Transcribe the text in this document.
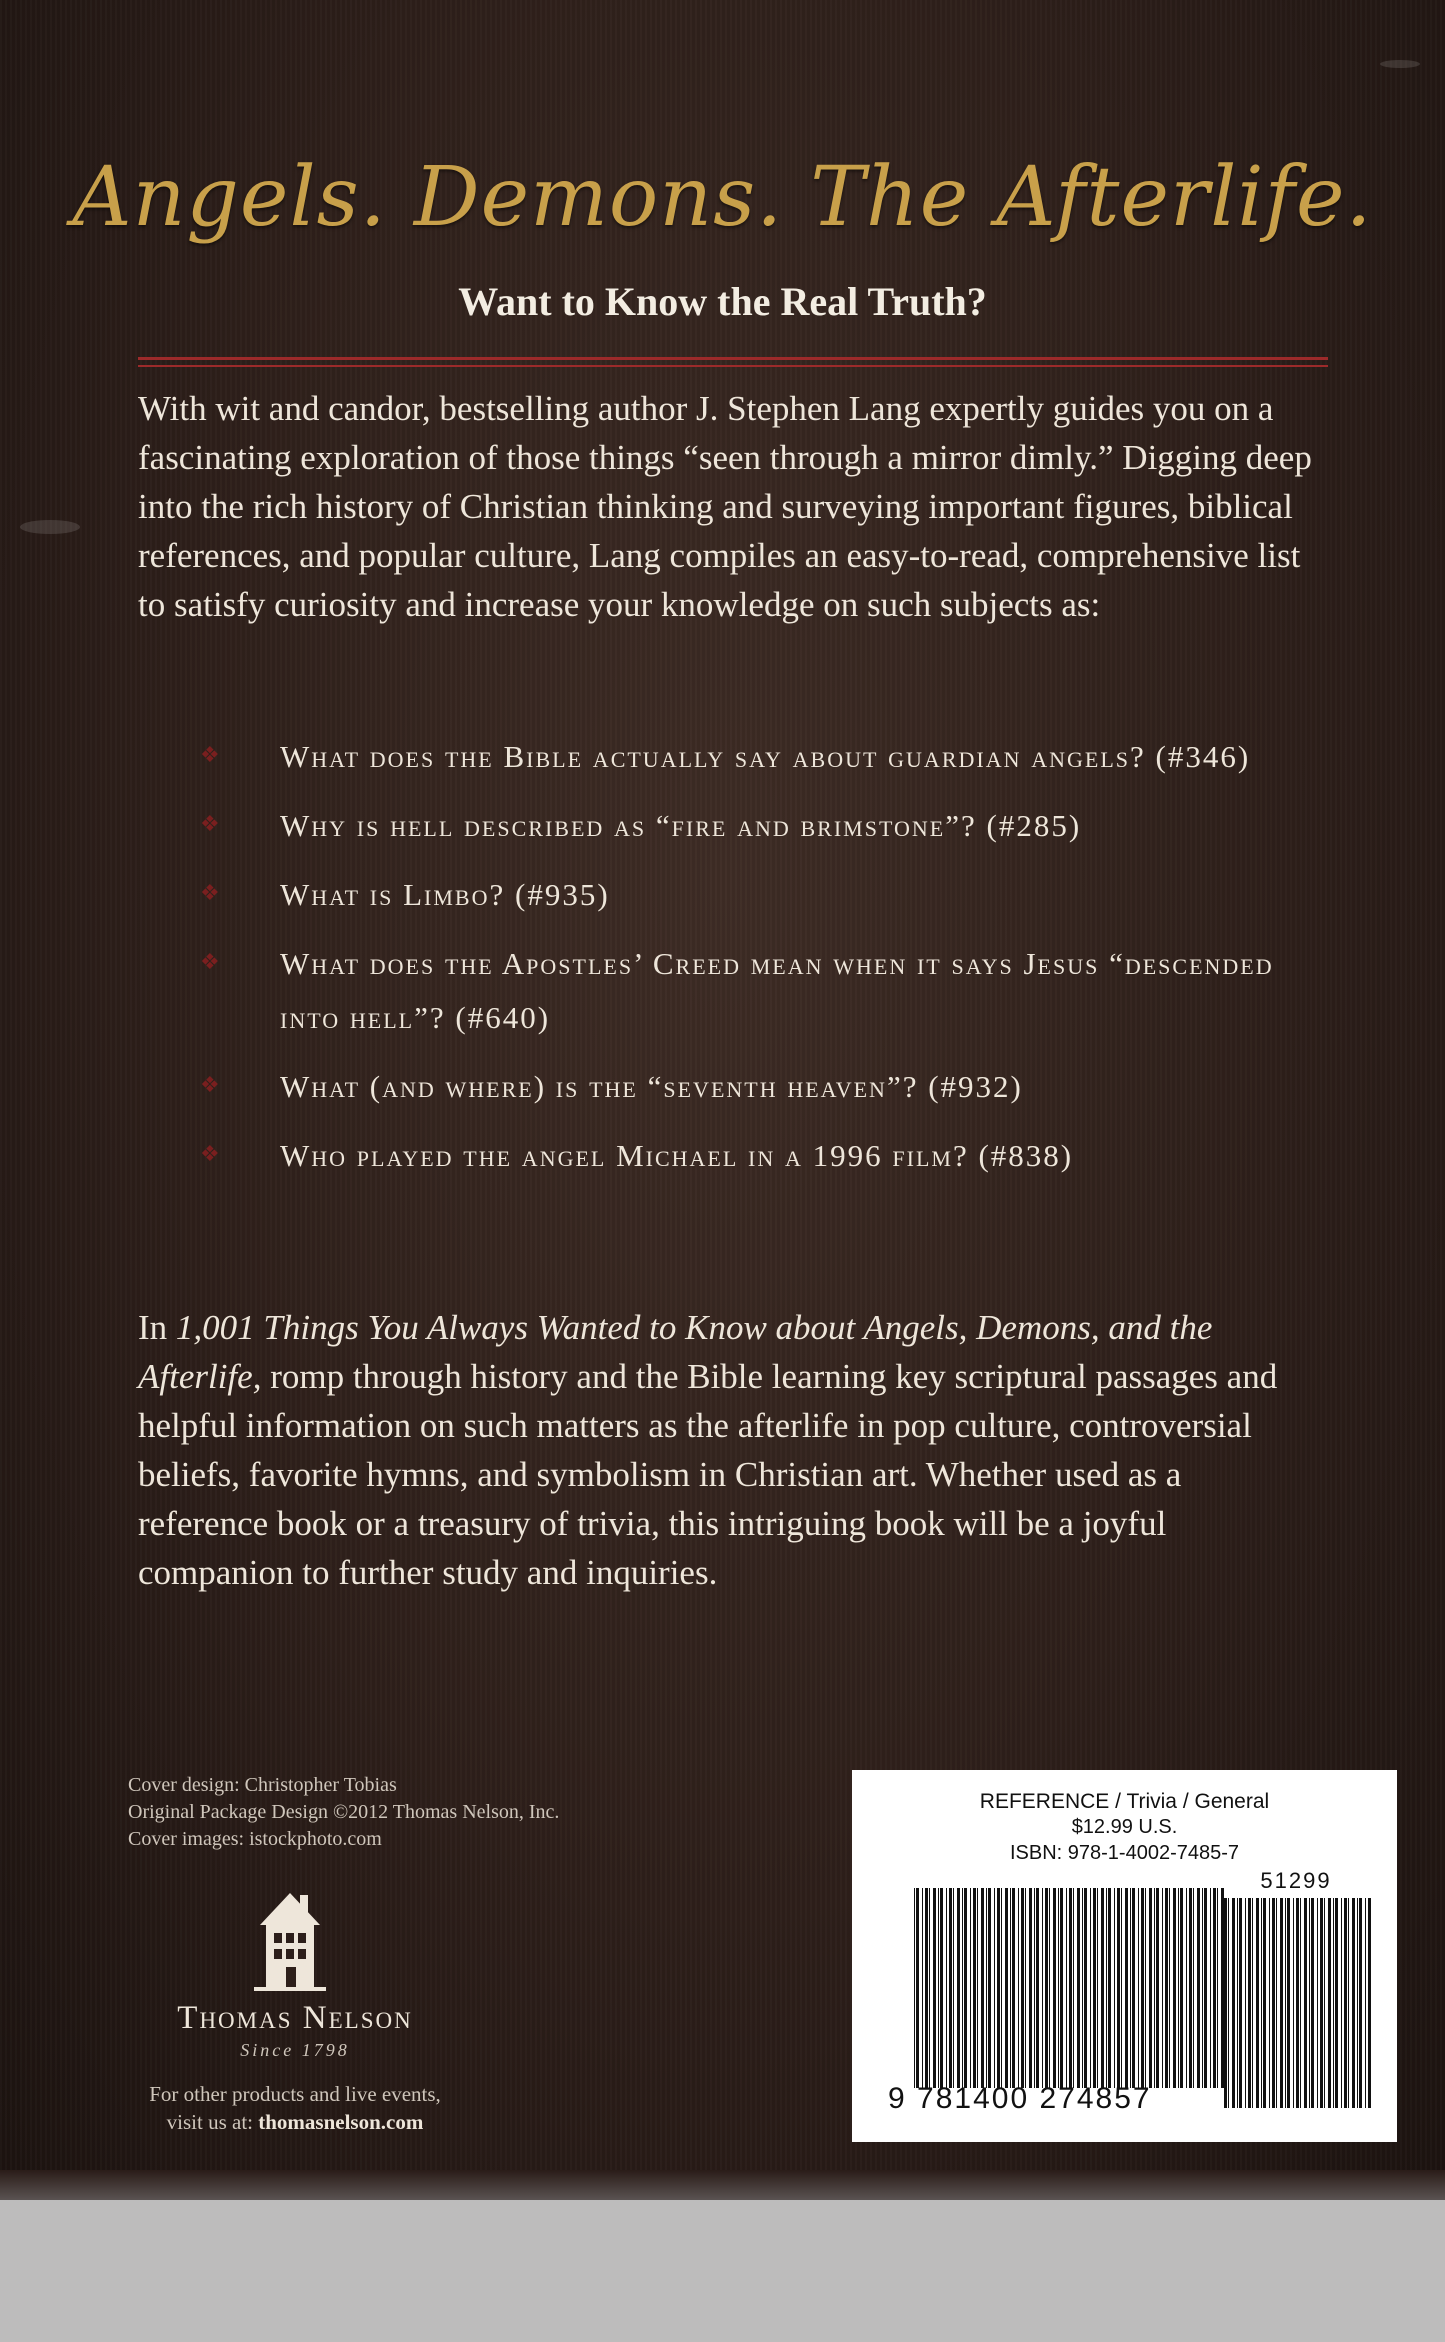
Angels. Demons. The Afterlife.
Want to Know the Real Truth?
With wit and candor, bestselling author J. Stephen Lang expertly guides you on a fascinating exploration of those things “seen through a mirror dimly.” Digging deep into the rich history of Christian thinking and surveying important figures, biblical references, and popular culture, Lang compiles an easy-to-read, comprehensive list to satisfy curiosity and increase your knowledge on such subjects as:
❖ What does the Bible actually say about guardian angels? (#346)
❖ Why is hell described as “fire and brimstone”? (#285)
❖ What is Limbo? (#935)
❖ What does the Apostles’ Creed mean when it says Jesus “descended into hell”? (#640)
❖ What (and where) is the “seventh heaven”? (#932)
❖ Who played the angel Michael in a 1996 film? (#838)
In 1,001 Things You Always Wanted to Know about Angels, Demons, and the Afterlife, romp through history and the Bible learning key scriptural passages and helpful information on such matters as the afterlife in pop culture, controversial beliefs, favorite hymns, and symbolism in Christian art. Whether used as a reference book or a treasury of trivia, this intriguing book will be a joyful companion to further study and inquiries.
Cover design: Christopher Tobias
Original Package Design ©2012 Thomas Nelson, Inc.
Cover images: istockphoto.com
Thomas Nelson
Since 1798
For other products and live events,
visit us at: thomasnelson.com
REFERENCE / Trivia / General
$12.99 U.S.
ISBN: 978-1-4002-7485-7
51299
9 781400 274857
